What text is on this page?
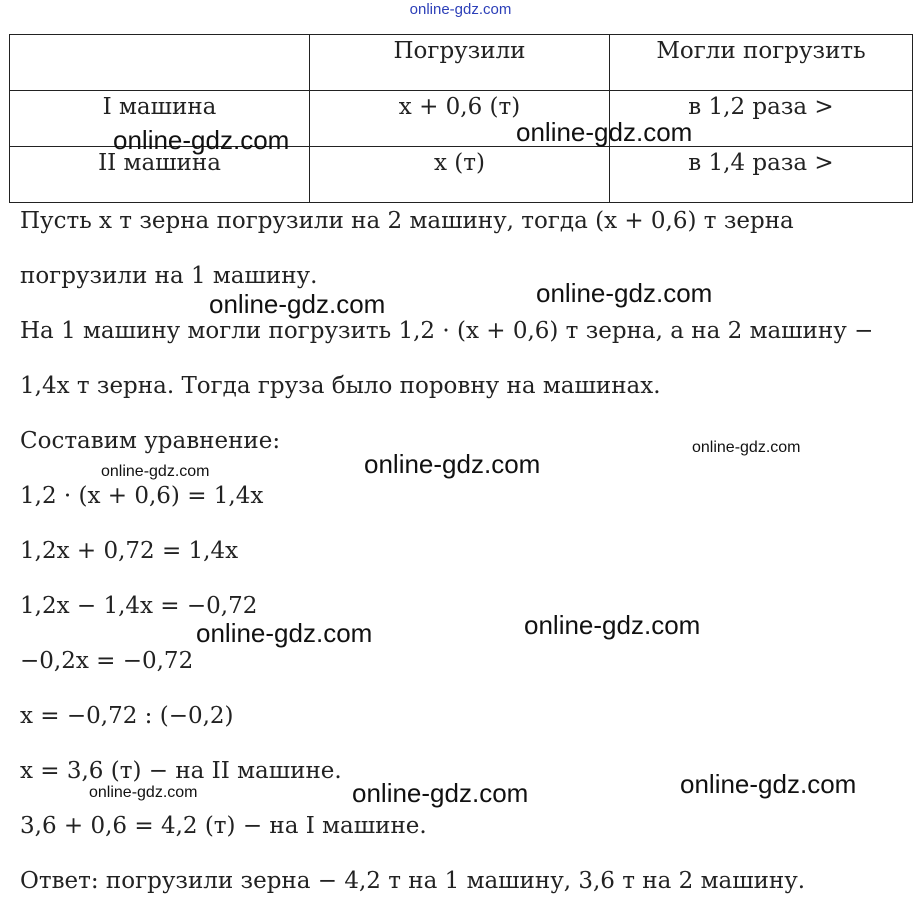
online-gdz.com

	Погрузили	Могли погрузить

I машина	x + 0,6 (т)	в 1,2 раза >

II машина	x (т)	в 1,4 раза >
Пусть x т зерна погрузили на 2 машину, тогда (x + 0,6) т зерна
погрузили на 1 машину.
На 1 машину могли погрузить 1,2 · (x + 0,6) т зерна, а на 2 машину −
1,4x т зерна. Тогда груза было поровну на машинах.
Составим уравнение:
1,2 · (x + 0,6) = 1,4x
1,2x + 0,72 = 1,4x
1,2x − 1,4x = −0,72
−0,2x = −0,72
x = −0,72 : (−0,2)
x = 3,6 (т) − на II машине.
3,6 + 0,6 = 4,2 (т) − на I машине.
Ответ: погрузили зерна − 4,2 т на 1 машину, 3,6 т на 2 машину.
online-gdz.com	online-gdz.com
online-gdz.com	online-gdz.com
online-gdz.com
online-gdz.com	online-gdz.com
online-gdz.com	online-gdz.com
online-gdz.com	online-gdz.com	online-gdz.com
